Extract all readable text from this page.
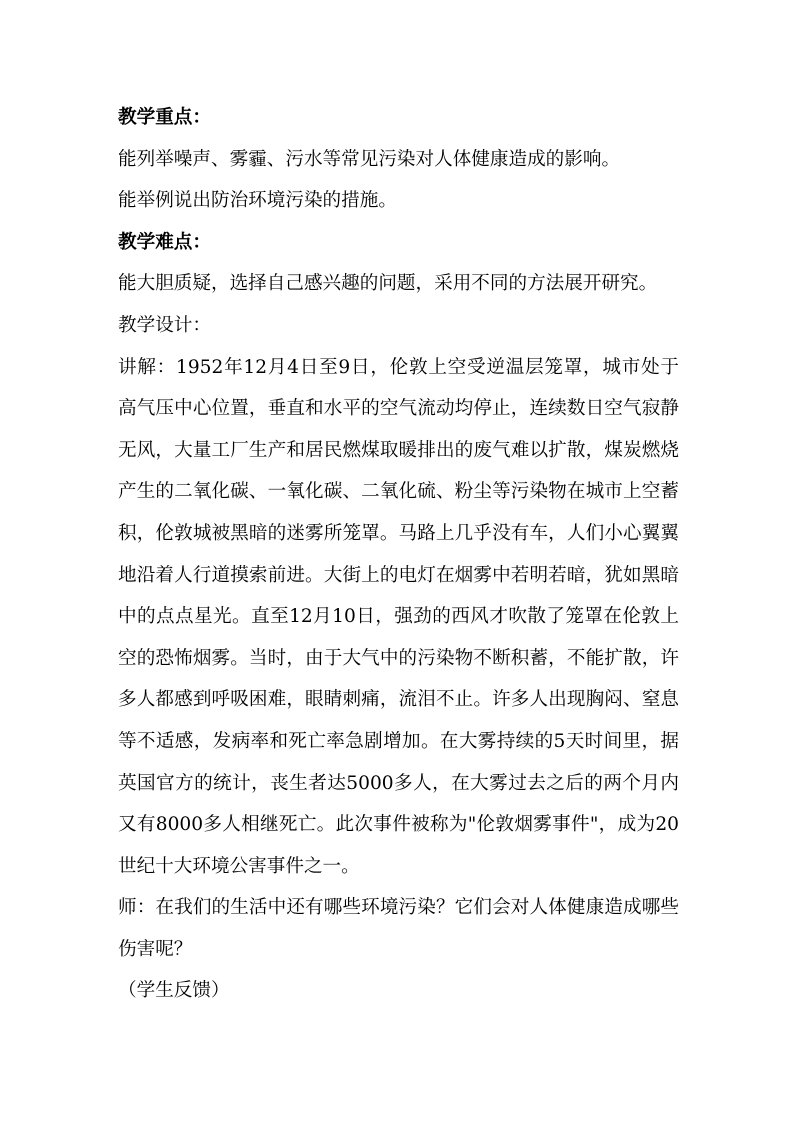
教学重点：
能列举噪声、雾霾、污水等常见污染对人体健康造成的影响。
能举例说出防治环境污染的措施。
教学难点：
能大胆质疑，选择自己感兴趣的问题，采用不同的方法展开研究。
教学设计：
讲解：1952年12月4日至9日，伦敦上空受逆温层笼罩，城市处于
高气压中心位置，垂直和水平的空气流动均停止，连续数日空气寂静
无风，大量工厂生产和居民燃煤取暖排出的废气难以扩散，煤炭燃烧
产生的二氧化碳、一氧化碳、二氧化硫、粉尘等污染物在城市上空蓄
积，伦敦城被黑暗的迷雾所笼罩。马路上几乎没有车，人们小心翼翼
地沿着人行道摸索前进。大街上的电灯在烟雾中若明若暗，犹如黑暗
中的点点星光。直至12月10日，强劲的西风才吹散了笼罩在伦敦上
空的恐怖烟雾。当时，由于大气中的污染物不断积蓄，不能扩散，许
多人都感到呼吸困难，眼睛刺痛，流泪不止。许多人出现胸闷、窒息
等不适感，发病率和死亡率急剧增加。在大雾持续的5天时间里，据
英国官方的统计，丧生者达5000多人，在大雾过去之后的两个月内
又有8000多人相继死亡。此次事件被称为"伦敦烟雾事件"，成为20
世纪十大环境公害事件之一。
师：在我们的生活中还有哪些环境污染？它们会对人体健康造成哪些
伤害呢？
（学生反馈）
